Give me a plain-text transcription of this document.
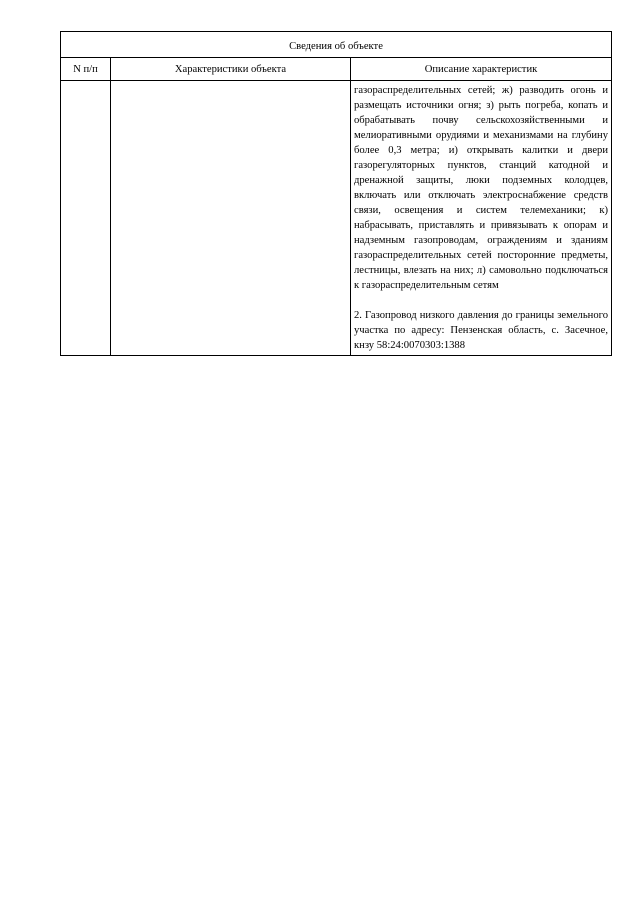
Сведения об объекте		
N п/п	Характеристики объекта	Описание характеристик

		газораспределительных сетей; ж) разводить огонь и размещать источники огня; з) рыть погреба, копать и обрабатывать почву сельскохозяйственными и мелиоративными орудиями и механизмами на глубину более 0,3 метра; и) открывать калитки и двери газорегуляторных пунктов, станций катодной и дренажной защиты, люки подземных колодцев, включать или отключать электроснабжение средств связи, освещения и систем телемеханики; к) набрасывать, приставлять и привязывать к опорам и надземным газопроводам, ограждениям и зданиям газораспределительных сетей посторонние предметы, лестницы, влезать на них; л) самовольно подключаться к газораспределительным сетям

2. Газопровод низкого давления до границы земельного участка по адресу: Пензенская область, с. Засечное, кнзу 58:24:0070303:1388
